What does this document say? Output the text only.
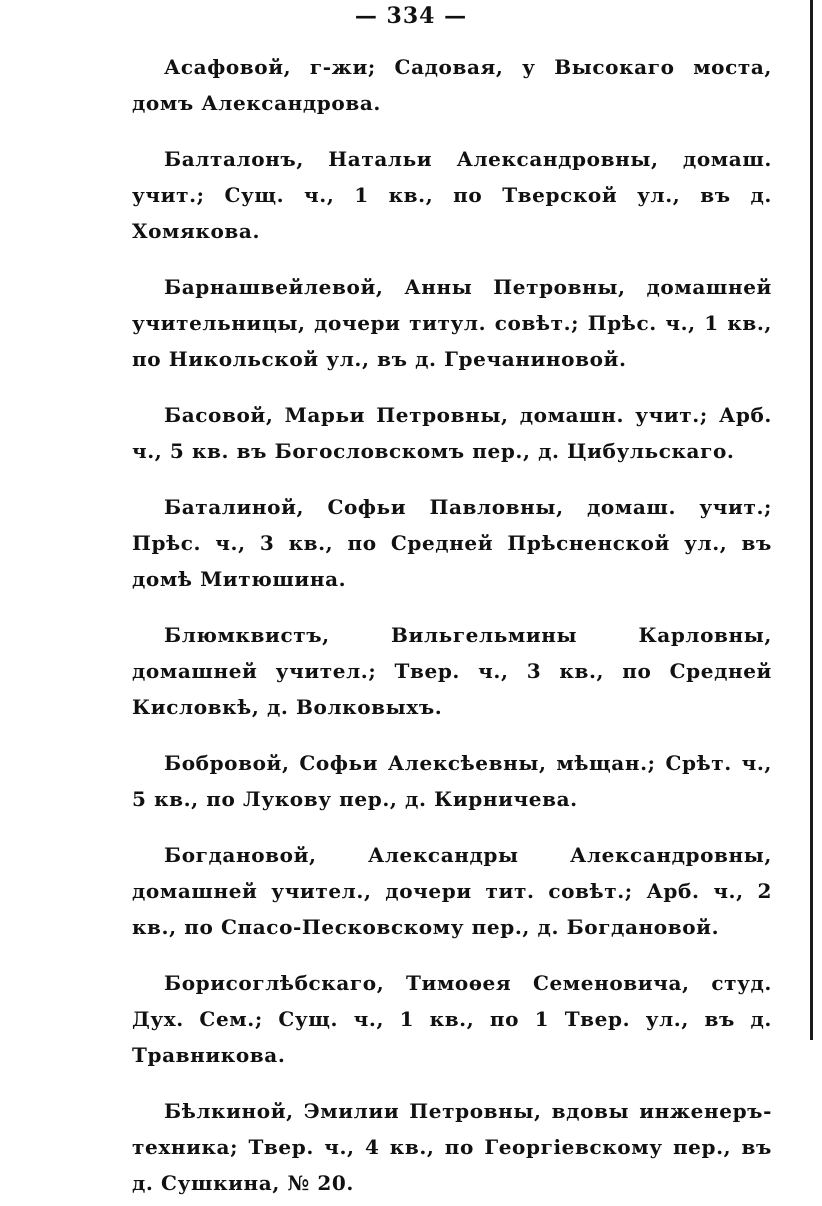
— 334 —

Асафовой, г-жи; Садовая, у Высокаго моста, домъ Александрова.

Балталонъ, Натальи Александровны, домаш. учит.; Сущ. ч., 1 кв., по Тверской ул., въ д. Хомякова.

Барнашвейлевой, Анны Петровны, домашней учительницы, дочери титул. совѣт.; Прѣс. ч., 1 кв., по Никольской ул., въ д. Гречаниновой.

Басовой, Марьи Петровны, домашн. учит.; Арб. ч., 5 кв. въ Богословскомъ пер., д. Цибульскаго.

Баталиной, Софьи Павловны, домаш. учит.; Прѣс. ч., 3 кв., по Средней Прѣсненской ул., въ домѣ Митюшина.

Блюмквистъ, Вильгельмины Карловны, домашней учител.; Твер. ч., 3 кв., по Средней Кисловкѣ, д. Волковыхъ.

Бобровой, Софьи Алексѣевны, мѣщан.; Срѣт. ч., 5 кв., по Лукову пер., д. Кирничева.

Богдановой, Александры Александровны, домашней учител., дочери тит. совѣт.; Арб. ч., 2 кв., по Спасо-Песковскому пер., д. Богдановой.

Борисоглѣбскаго, Тимоѳея Семеновича, студ. Дух. Сем.; Сущ. ч., 1 кв., по 1 Твер. ул., въ д. Травникова.

Бѣлкиной, Эмилии Петровны, вдовы инженеръ-техника; Твер. ч., 4 кв., по Георгіевскому пер., въ д. Сушкина, № 20.
